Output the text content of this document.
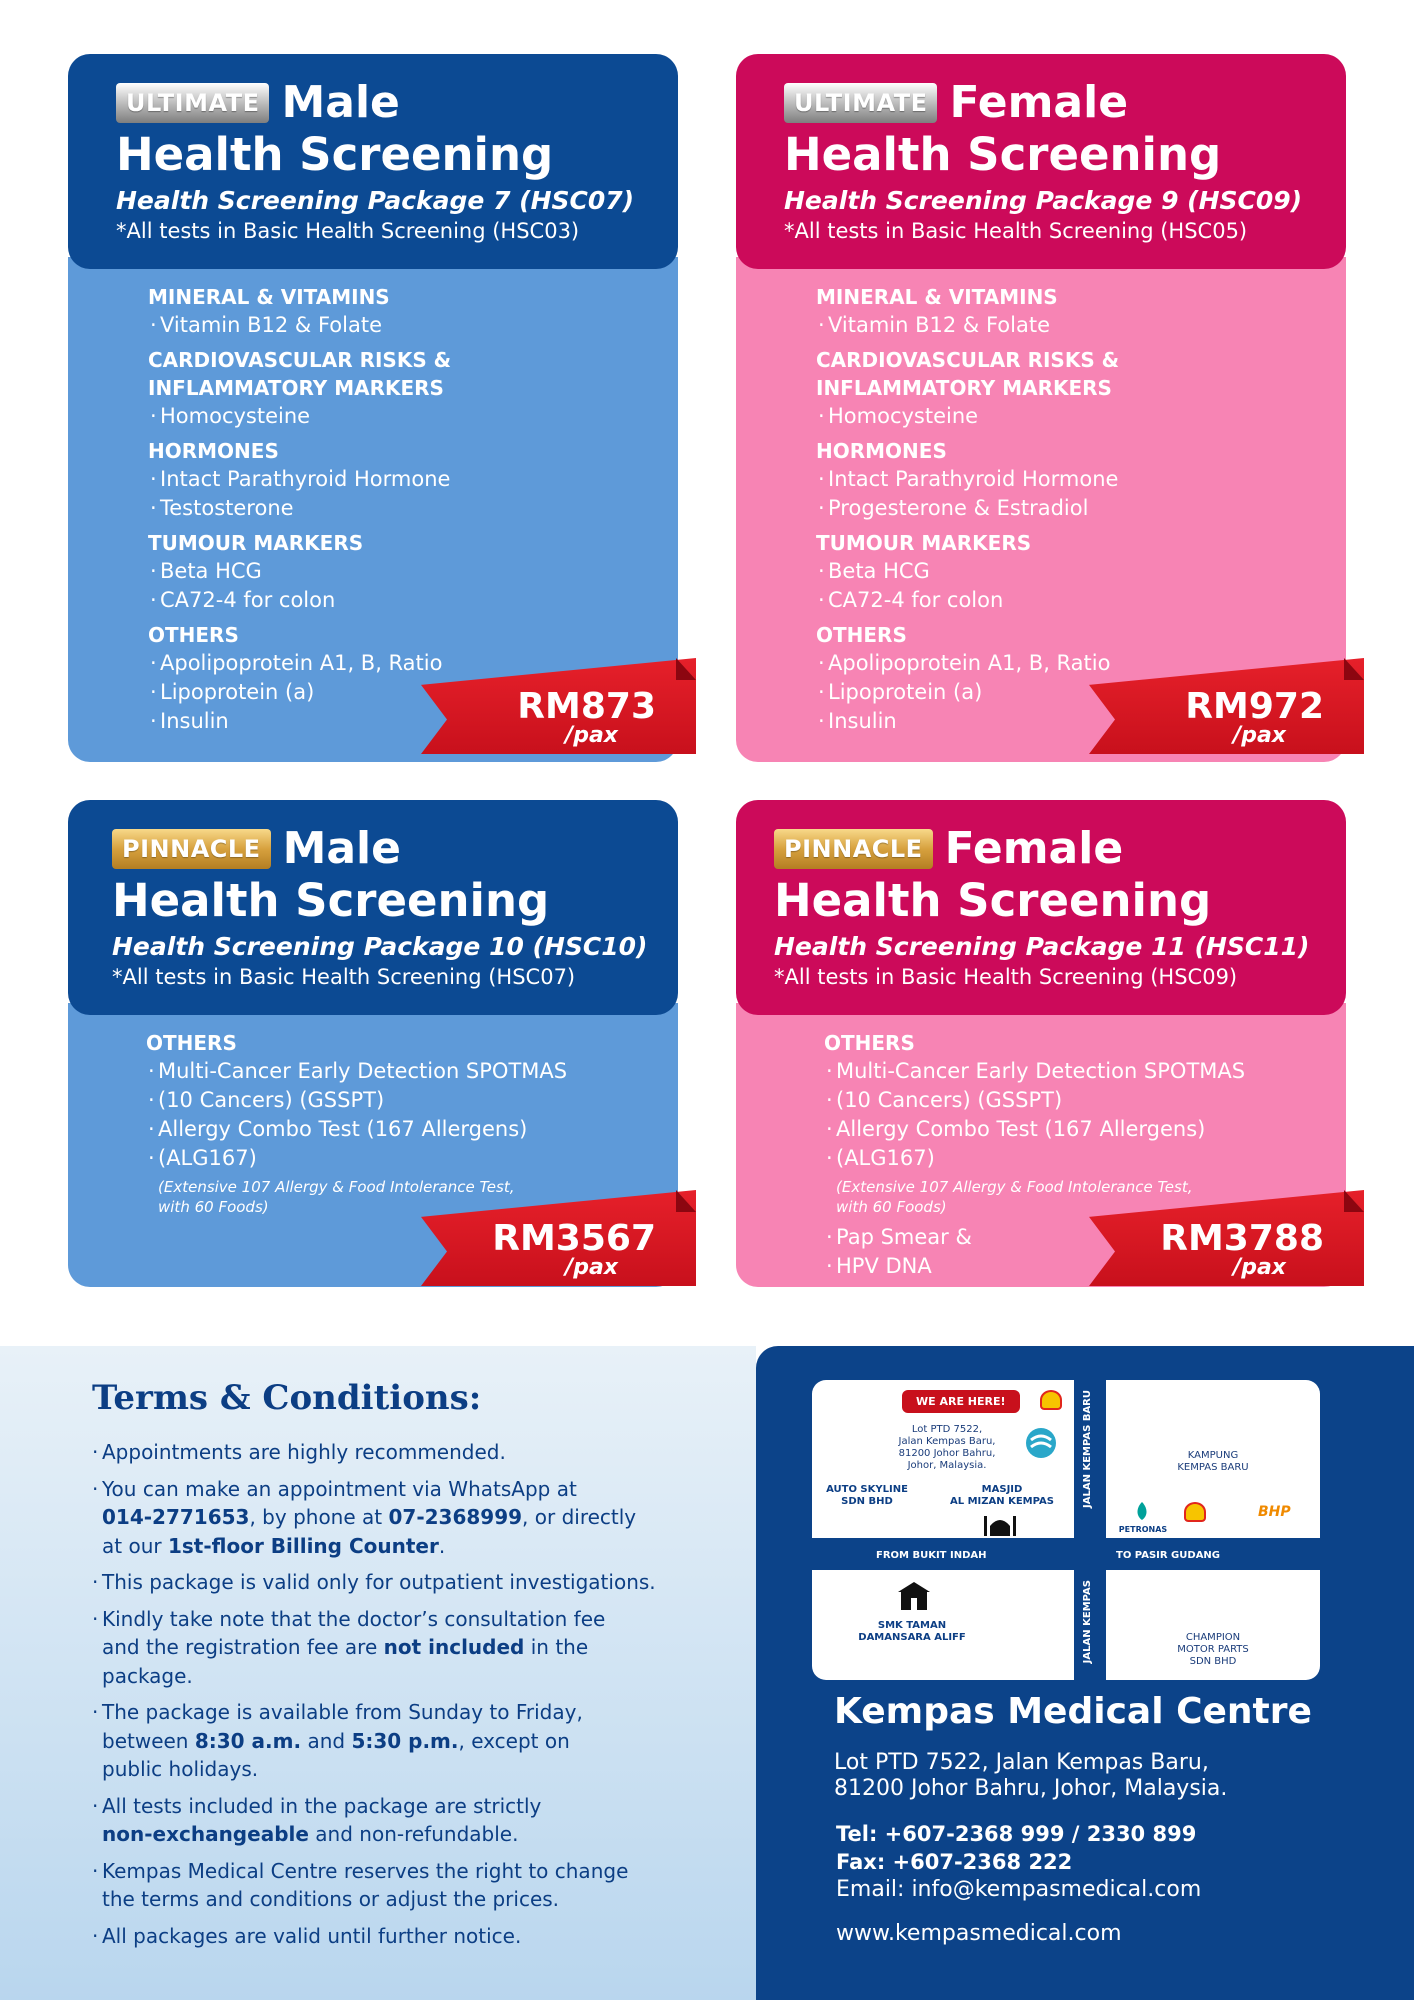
ULTIMATE Male
Health Screening
Health Screening Package 7 (HSC07)
*All tests in Basic Health Screening (HSC03)
MINERAL & VITAMINS
· Vitamin B12 & Folate
CARDIOVASCULAR RISKS &
INFLAMMATORY MARKERS
· Homocysteine
HORMONES
· Intact Parathyroid Hormone
· Testosterone
TUMOUR MARKERS
· Beta HCG
· CA72-4 for colon
OTHERS
· Apolipoprotein A1, B, Ratio
· Lipoprotein (a)
· Insulin	RM873
/pax
ULTIMATE Female
Health Screening
Health Screening Package 9 (HSC09)
*All tests in Basic Health Screening (HSC05)
MINERAL & VITAMINS
· Vitamin B12 & Folate
CARDIOVASCULAR RISKS &
INFLAMMATORY MARKERS
· Homocysteine
HORMONES
· Intact Parathyroid Hormone
· Progesterone & Estradiol
TUMOUR MARKERS
· Beta HCG
· CA72-4 for colon
OTHERS
· Apolipoprotein A1, B, Ratio
· Lipoprotein (a)
· Insulin	RM972
/pax
PINNACLE Male
Health Screening
Health Screening Package 10 (HSC10)
*All tests in Basic Health Screening (HSC07)
OTHERS
· Multi-Cancer Early Detection SPOTMAS
· (10 Cancers) (GSSPT)
· Allergy Combo Test (167 Allergens)
· (ALG167)
(Extensive 107 Allergy & Food Intolerance Test,
with 60 Foods)
RM3567
/pax
PINNACLE Female
Health Screening
Health Screening Package 11 (HSC11)
*All tests in Basic Health Screening (HSC09)
OTHERS
· Multi-Cancer Early Detection SPOTMAS
· (10 Cancers) (GSSPT)
· Allergy Combo Test (167 Allergens)
· (ALG167)
(Extensive 107 Allergy & Food Intolerance Test,
with 60 Foods)
· Pap Smear &
· HPV DNA
RM3788
/pax
Terms & Conditions:
· Appointments are highly recommended.
· You can make an appointment via WhatsApp at
014-2771653, by phone at 07-2368999, or directly
at our 1st-floor Billing Counter.
· This package is valid only for outpatient investigations.
· Kindly take note that the doctor’s consultation fee
and the registration fee are not included in the
package.
· The package is available from Sunday to Friday,
between 8:30 a.m. and 5:30 p.m., except on
public holidays.
· All tests included in the package are strictly
non-exchangeable and non-refundable.
· Kempas Medical Centre reserves the right to change
the terms and conditions or adjust the prices.
· All packages are valid until further notice.
WE ARE HERE!
Lot PTD 7522,
Jalan Kempas Baru,
81200 Johor Bahru,
Johor, Malaysia.
AUTO SKYLINE
SDN BHD
MASJID
AL MIZAN KEMPAS	JALAN KEMPAS BARU	KAMPUNG
KEMPAS BARU
PETRONAS
BHP
FROM BUKIT INDAH	TO PASIR GUDANG
SMK TAMAN
DAMANSARA ALIFF	JALAN KEMPAS	CHAMPION
MOTOR PARTS
SDN BHD
Kempas Medical Centre
Lot PTD 7522, Jalan Kempas Baru,
81200 Johor Bahru, Johor, Malaysia.
Tel: +607-2368 999 / 2330 899
Fax: +607-2368 222
Email: info@kempasmedical.com
www.kempasmedical.com
